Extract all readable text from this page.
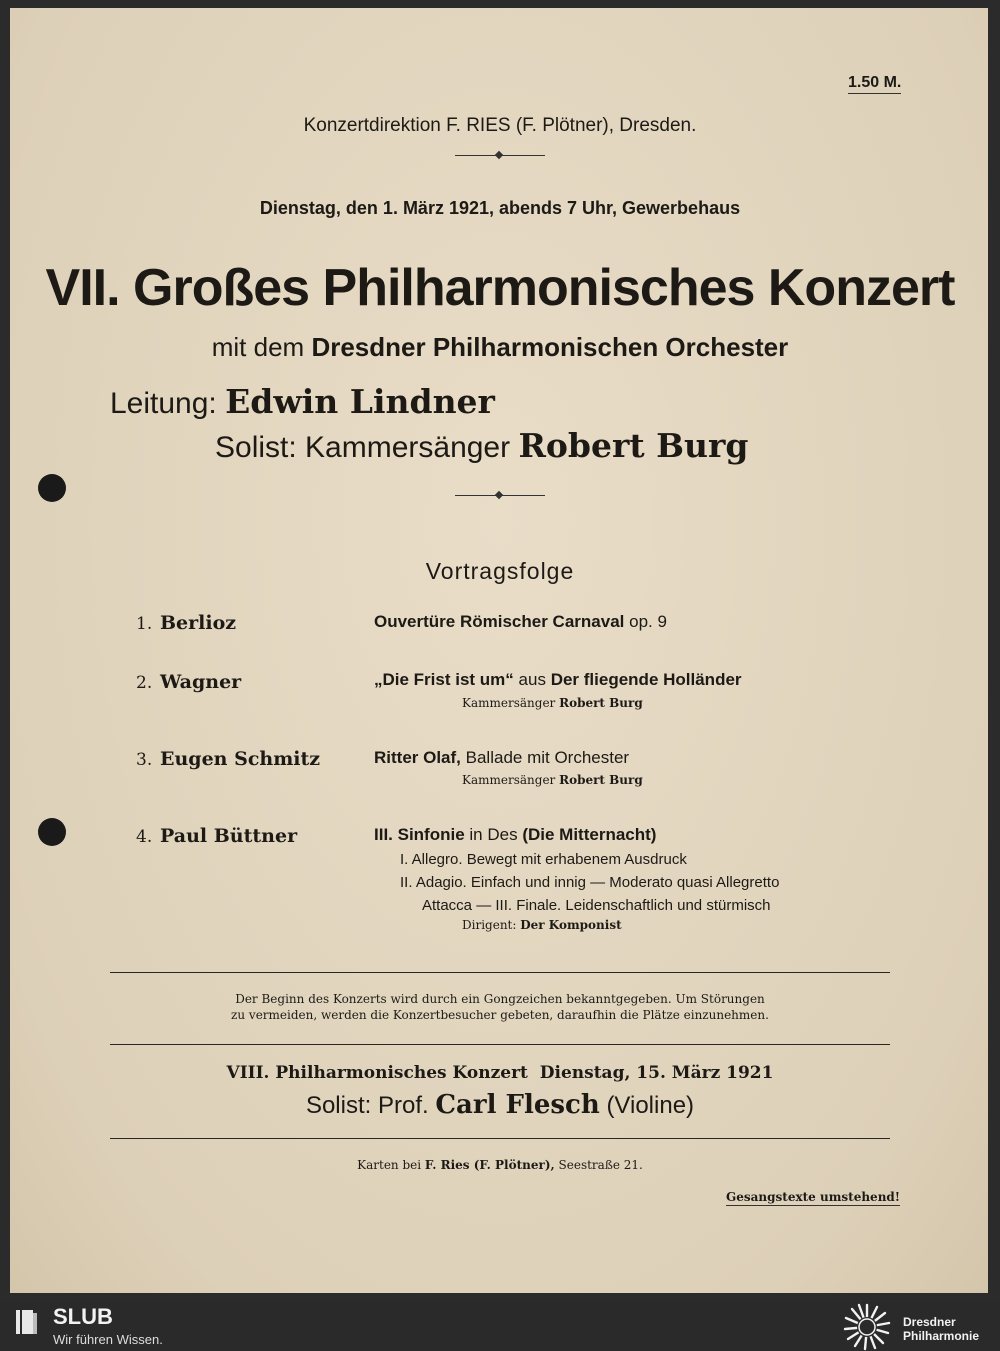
1.50 M.
Konzertdirektion F. RIES (F. Plötner), Dresden.
Dienstag, den 1. März 1921, abends 7 Uhr, Gewerbehaus
VII. Großes Philharmonisches Konzert
mit dem Dresdner Philharmonischen Orchester
Leitung: Edwin Lindner
Solist: Kammersänger Robert Burg
Vortragsfolge
1. Berlioz	Ouvertüre Römischer Carnaval op. 9
2. Wagner	„Die Frist ist um“ aus Der fliegende Holländer
Kammersänger Robert Burg
3. Eugen Schmitz	Ritter Olaf, Ballade mit Orchester
Kammersänger Robert Burg
4. Paul Büttner	III. Sinfonie in Des (Die Mitternacht)
I. Allegro. Bewegt mit erhabenem Ausdruck
II. Adagio. Einfach und innig — Moderato quasi Allegretto
Attacca — III. Finale. Leidenschaftlich und stürmisch
Dirigent: Der Komponist
Der Beginn des Konzerts wird durch ein Gongzeichen bekanntgegeben. Um Störungen
zu vermeiden, werden die Konzertbesucher gebeten, daraufhin die Plätze einzunehmen.
VIII. Philharmonisches Konzert Dienstag, 15. März 1921
Solist: Prof. Carl Flesch (Violine)
Karten bei F. Ries (F. Plötner), Seestraße 21.
Gesangstexte umstehend!
SLUB
Wir führen Wissen.
Dresdner
Philharmonie
